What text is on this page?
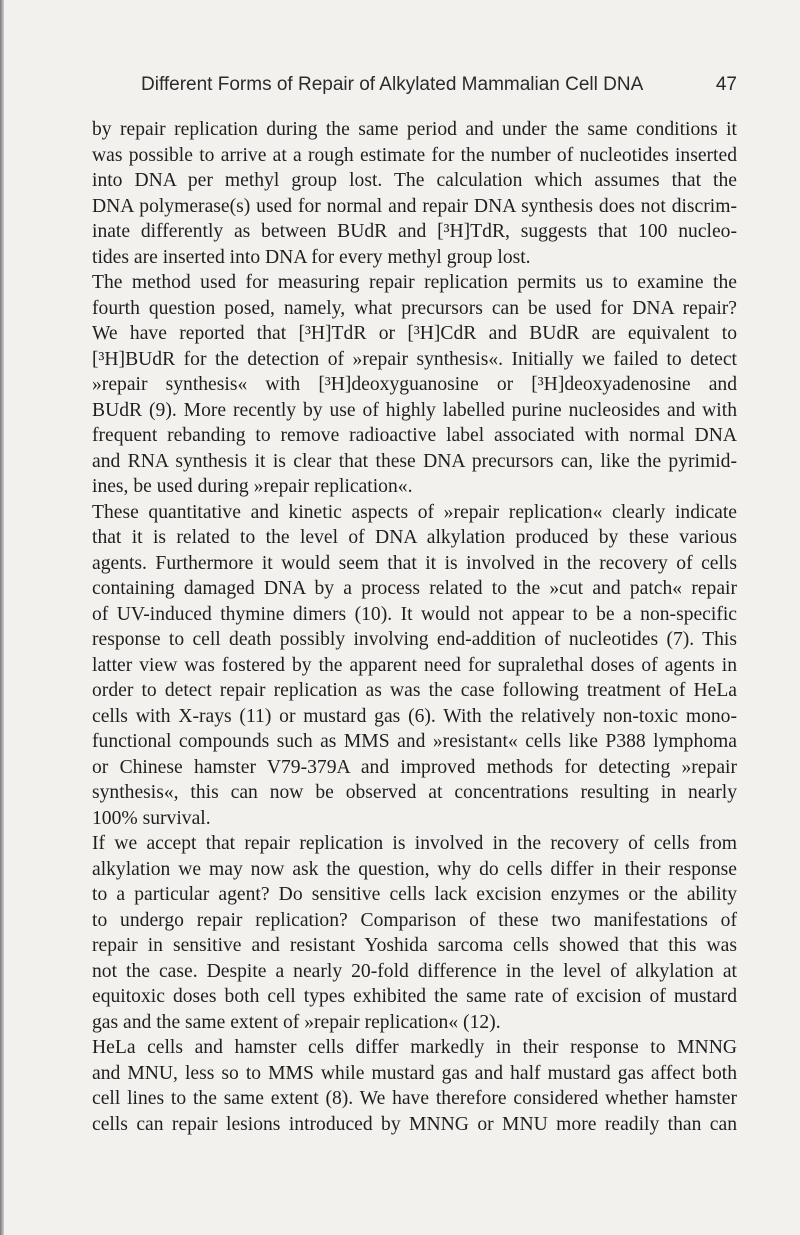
Different Forms of Repair of Alkylated Mammalian Cell DNA	47

by repair replication during the same period and under the same conditions it

was possible to arrive at a rough estimate for the number of nucleotides inserted

into DNA per methyl group lost. The calculation which assumes that the

DNA polymerase(s) used for normal and repair DNA synthesis does not discrim-

inate differently as between BUdR and [³H]TdR, suggests that 100 nucleo-

tides are inserted into DNA for every methyl group lost.

The method used for measuring repair replication permits us to examine the

fourth question posed, namely, what precursors can be used for DNA repair?

We have reported that [³H]TdR or [³H]CdR and BUdR are equivalent to

[³H]BUdR for the detection of »repair synthesis«. Initially we failed to detect

»repair synthesis« with [³H]deoxyguanosine or [³H]deoxyadenosine and

BUdR (9). More recently by use of highly labelled purine nucleosides and with

frequent rebanding to remove radioactive label associated with normal DNA

and RNA synthesis it is clear that these DNA precursors can, like the pyrimid-

ines, be used during »repair replication«.

These quantitative and kinetic aspects of »repair replication« clearly indicate

that it is related to the level of DNA alkylation produced by these various

agents. Furthermore it would seem that it is involved in the recovery of cells

containing damaged DNA by a process related to the »cut and patch« repair

of UV-induced thymine dimers (10). It would not appear to be a non-specific

response to cell death possibly involving end-addition of nucleotides (7). This

latter view was fostered by the apparent need for supralethal doses of agents in

order to detect repair replication as was the case following treatment of HeLa

cells with X-rays (11) or mustard gas (6). With the relatively non-toxic mono-

functional compounds such as MMS and »resistant« cells like P388 lymphoma

or Chinese hamster V79-379A and improved methods for detecting »repair

synthesis«, this can now be observed at concentrations resulting in nearly

100% survival.

If we accept that repair replication is involved in the recovery of cells from

alkylation we may now ask the question, why do cells differ in their response

to a particular agent? Do sensitive cells lack excision enzymes or the ability

to undergo repair replication? Comparison of these two manifestations of

repair in sensitive and resistant Yoshida sarcoma cells showed that this was

not the case. Despite a nearly 20-fold difference in the level of alkylation at

equitoxic doses both cell types exhibited the same rate of excision of mustard

gas and the same extent of »repair replication« (12).

HeLa cells and hamster cells differ markedly in their response to MNNG

and MNU, less so to MMS while mustard gas and half mustard gas affect both

cell lines to the same extent (8). We have therefore considered whether hamster

cells can repair lesions introduced by MNNG or MNU more readily than can
